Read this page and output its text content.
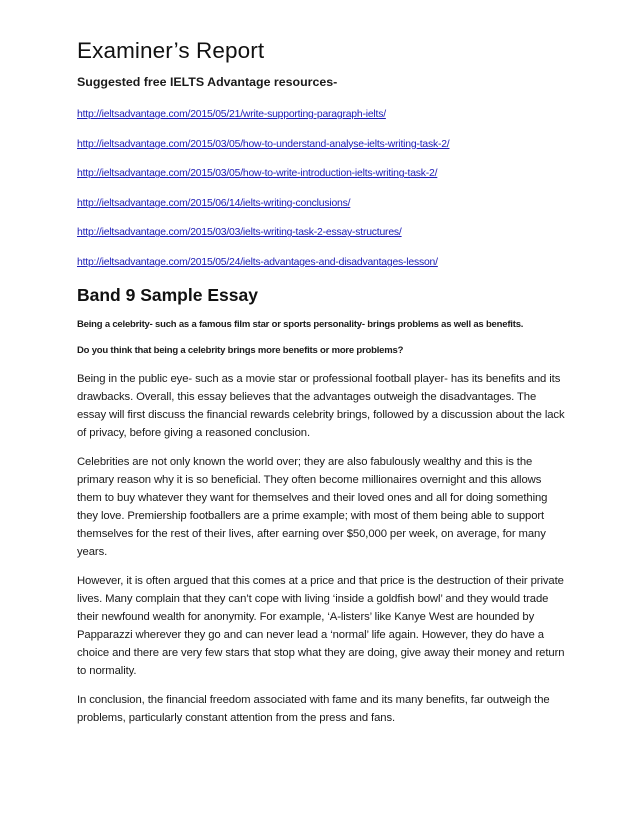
Examiner’s Report
Suggested free IELTS Advantage resources-
http://ieltsadvantage.com/2015/05/21/write-supporting-paragraph-ielts/
http://ieltsadvantage.com/2015/03/05/how-to-understand-analyse-ielts-writing-task-2/
http://ieltsadvantage.com/2015/03/05/how-to-write-introduction-ielts-writing-task-2/
http://ieltsadvantage.com/2015/06/14/ielts-writing-conclusions/
http://ieltsadvantage.com/2015/03/03/ielts-writing-task-2-essay-structures/
http://ieltsadvantage.com/2015/05/24/ielts-advantages-and-disadvantages-lesson/
Band 9 Sample Essay
Being a celebrity- such as a famous film star or sports personality- brings problems as well as benefits.
Do you think that being a celebrity brings more benefits or more problems?

Being in the public eye- such as a movie star or professional football player- has its benefits and its drawbacks. Overall, this essay believes that the advantages outweigh the disadvantages. The essay will first discuss the financial rewards celebrity brings, followed by a discussion about the lack of privacy, before giving a reasoned conclusion.

Celebrities are not only known the world over; they are also fabulously wealthy and this is the primary reason why it is so beneficial. They often become millionaires overnight and this allows them to buy whatever they want for themselves and their loved ones and all for doing something they love. Premiership footballers are a prime example; with most of them being able to support themselves for the rest of their lives, after earning over $50,000 per week, on average, for many years.

However, it is often argued that this comes at a price and that price is the destruction of their private lives. Many complain that they can’t cope with living ‘inside a goldfish bowl’ and they would trade their newfound wealth for anonymity. For example, ‘A-listers’ like Kanye West are hounded by Papparazzi wherever they go and can never lead a ‘normal’ life again. However, they do have a choice and there are very few stars that stop what they are doing, give away their money and return to normality.

In conclusion, the financial freedom associated with fame and its many benefits, far outweigh the problems, particularly constant attention from the press and fans.
